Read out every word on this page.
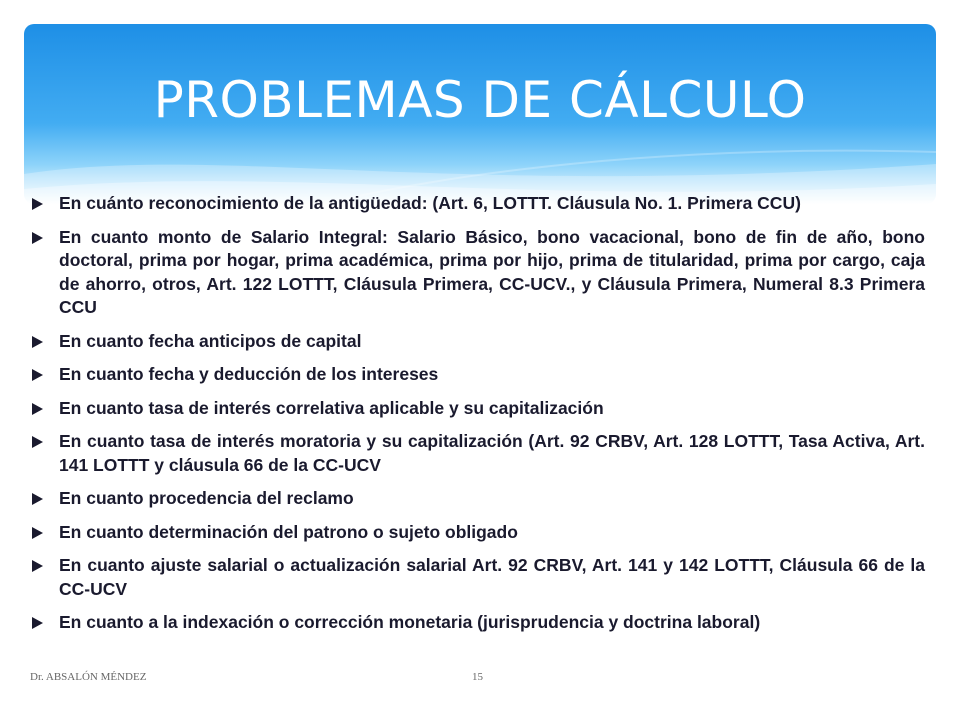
PROBLEMAS DE CÁLCULO
En cuánto reconocimiento de la antigüedad: (Art. 6, LOTTT. Cláusula No. 1. Primera CCU)
En cuanto monto de Salario Integral: Salario Básico, bono vacacional, bono de fin de año, bono doctoral, prima por hogar, prima académica, prima por hijo, prima de titularidad, prima por cargo, caja de ahorro, otros, Art. 122 LOTTT, Cláusula Primera, CC-UCV., y Cláusula Primera, Numeral 8.3 Primera CCU
En cuanto fecha anticipos de capital
En cuanto fecha y deducción de los intereses
En cuanto tasa de interés correlativa aplicable y su capitalización
En cuanto tasa de interés moratoria y su capitalización (Art. 92 CRBV, Art. 128 LOTTT, Tasa Activa, Art. 141 LOTTT y cláusula 66 de la CC-UCV
En cuanto procedencia del reclamo
En cuanto determinación del patrono o sujeto obligado
En cuanto ajuste salarial o actualización salarial Art. 92 CRBV, Art. 141 y 142 LOTTT, Cláusula 66 de la CC-UCV
En cuanto a la indexación o corrección monetaria (jurisprudencia y doctrina laboral)
Dr. ABSALÓN MÉNDEZ	15
